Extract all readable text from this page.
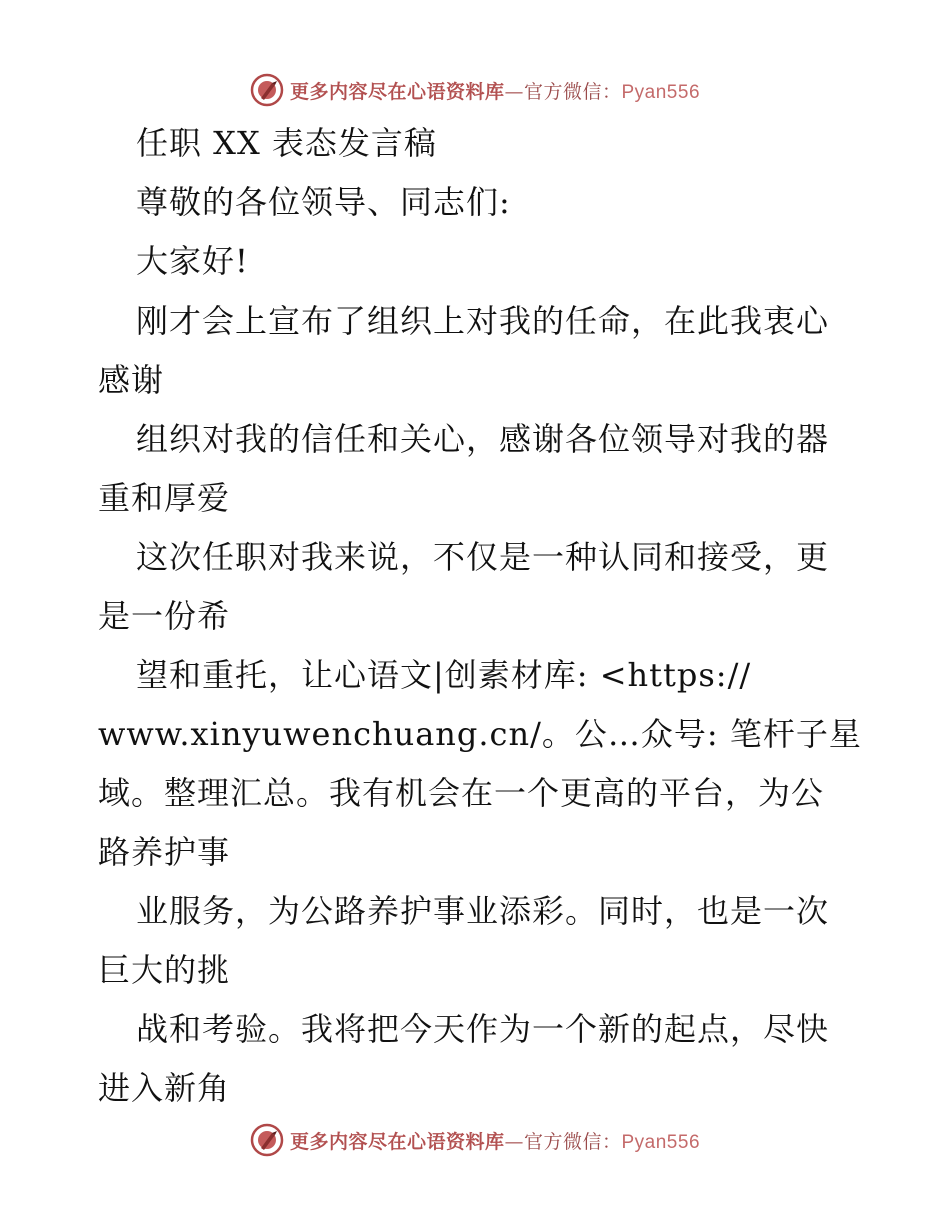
更多内容尽在心语资料库—官方微信：Pyan556
任职 XX 表态发言稿
尊敬的各位领导、同志们:
大家好!
刚才会上宣布了组织上对我的任命，在此我衷心
感谢
组织对我的信任和关心，感谢各位领导对我的器
重和厚爱
这次任职对我来说，不仅是一种认同和接受，更
是一份希
望和重托，让心语文|创素材库: <https://
www.xinyuwenchuang.cn/。公…众号: 笔杆子星
域。整理汇总。我有机会在一个更高的平台，为公
路养护事
业服务，为公路养护事业添彩。同时，也是一次
巨大的挑
战和考验。我将把今天作为一个新的起点，尽快
进入新角
更多内容尽在心语资料库—官方微信：Pyan556
